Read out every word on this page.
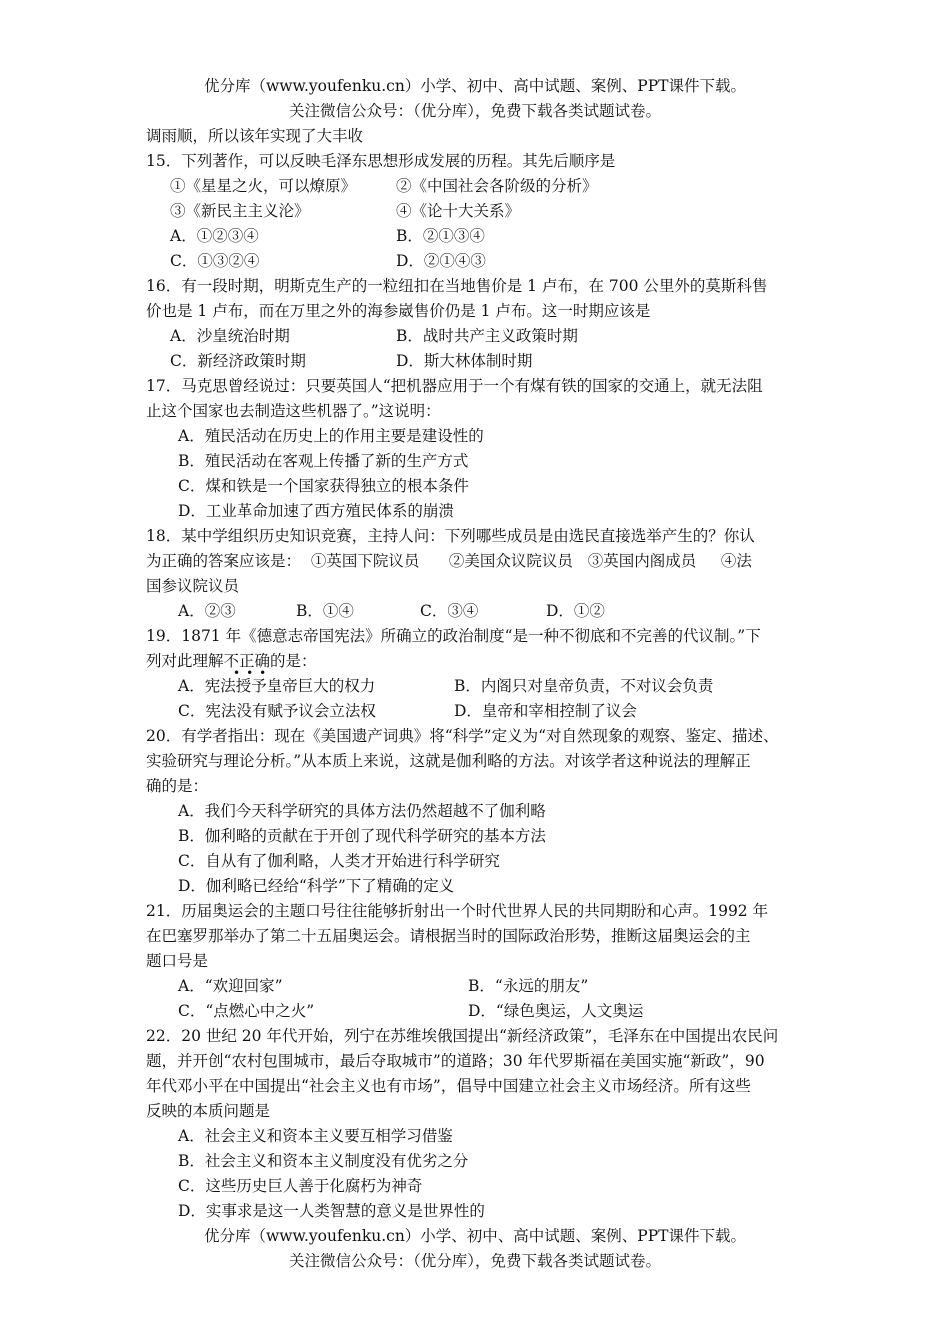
优分库（www.youfenku.cn）小学、初中、高中试题、案例、PPT课件下载。
关注微信公众号：（优分库），免费下载各类试题试卷。
调雨顺，所以该年实现了大丰收
15．下列著作，可以反映毛泽东思想形成发展的历程。其先后顺序是
①《星星之火，可以燎原》	②《中国社会各阶级的分析》
③《新民主主义沦》	④《论十大关系》
A．①②③④	B．②①③④
C．①③②④	D．②①④③
16．有一段时期，明斯克生产的一粒纽扣在当地售价是 1 卢布，在 700 公里外的莫斯科售
价也是 1 卢布，而在万里之外的海参崴售价仍是 1 卢布。这一时期应该是
A．沙皇统治时期	B．战时共产主义政策时期
C．新经济政策时期	D．斯大林体制时期
17．马克思曾经说过：只要英国人“把机器应用于一个有煤有铁的国家的交通上，就无法阻
止这个国家也去制造这些机器了。”这说明：
A．殖民活动在历史上的作用主要是建设性的
B．殖民活动在客观上传播了新的生产方式
C．煤和铁是一个国家获得独立的根本条件
D．工业革命加速了西方殖民体系的崩溃
18．某中学组织历史知识竞赛，主持人问：下列哪些成员是由选民直接选举产生的？你认
为正确的答案应该是：  ①英国下院议员      ②美国众议院议员   ③英国内阁成员     ④法
国参议院议员
A．②③	B．①④	C．③④	D．①②
19．1871 年《德意志帝国宪法》所确立的政治制度“是一种不彻底和不完善的代议制。”下
列对此理解不正确的是：
•••
A．宪法授予皇帝巨大的权力	B．内阁只对皇帝负责，不对议会负责
C．宪法没有赋予议会立法权	D．皇帝和宰相控制了议会
20．有学者指出：现在《美国遗产词典》将“科学”定义为“对自然现象的观察、鉴定、描述、
实验研究与理论分析。”从本质上来说，这就是伽利略的方法。对该学者这种说法的理解正
确的是：
A．我们今天科学研究的具体方法仍然超越不了伽利略
B．伽利略的贡献在于开创了现代科学研究的基本方法
C．自从有了伽利略，人类才开始进行科学研究
D．伽利略已经给“科学”下了精确的定义
21．历届奥运会的主题口号往往能够折射出一个时代世界人民的共同期盼和心声。1992 年
在巴塞罗那举办了第二十五届奥运会。请根据当时的国际政治形势，推断这届奥运会的主
题口号是
A．“欢迎回家”	B．“永远的朋友”
C．“点燃心中之火”	D．“绿色奥运，人文奥运
22．20 世纪 20 年代开始，列宁在苏维埃俄国提出“新经济政策”，毛泽东在中国提出农民问
题，并开创“农村包围城市，最后夺取城市”的道路；30 年代罗斯福在美国实施“新政”，90
年代邓小平在中国提出“社会主义也有市场”，倡导中国建立社会主义市场经济。所有这些
反映的本质问题是
A．社会主义和资本主义要互相学习借鉴
B．社会主义和资本主义制度没有优劣之分
C．这些历史巨人善于化腐朽为神奇
D．实事求是这一人类智慧的意义是世界性的
优分库（www.youfenku.cn）小学、初中、高中试题、案例、PPT课件下载。
关注微信公众号：（优分库），免费下载各类试题试卷。
